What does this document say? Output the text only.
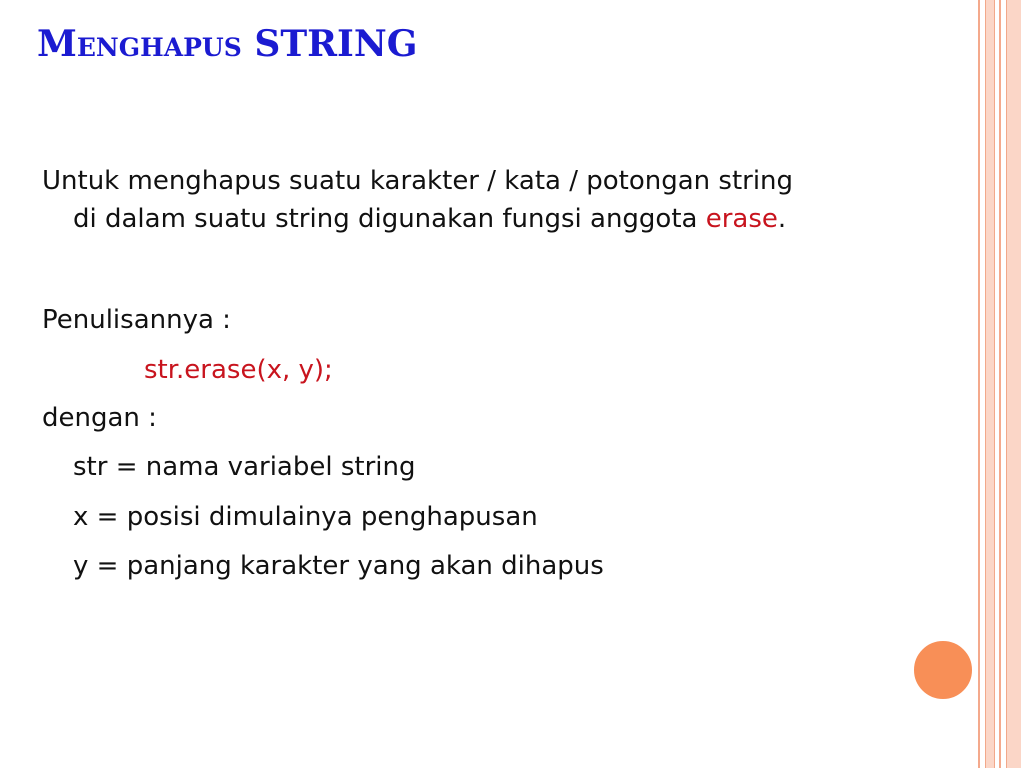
Menghapus STRING

Untuk menghapus suatu karakter / kata / potongan string
di dalam suatu string digunakan fungsi anggota erase.

Penulisannya :

str.erase(x, y);

dengan :

str = nama variabel string

x = posisi dimulainya penghapusan

y = panjang karakter yang akan dihapus
